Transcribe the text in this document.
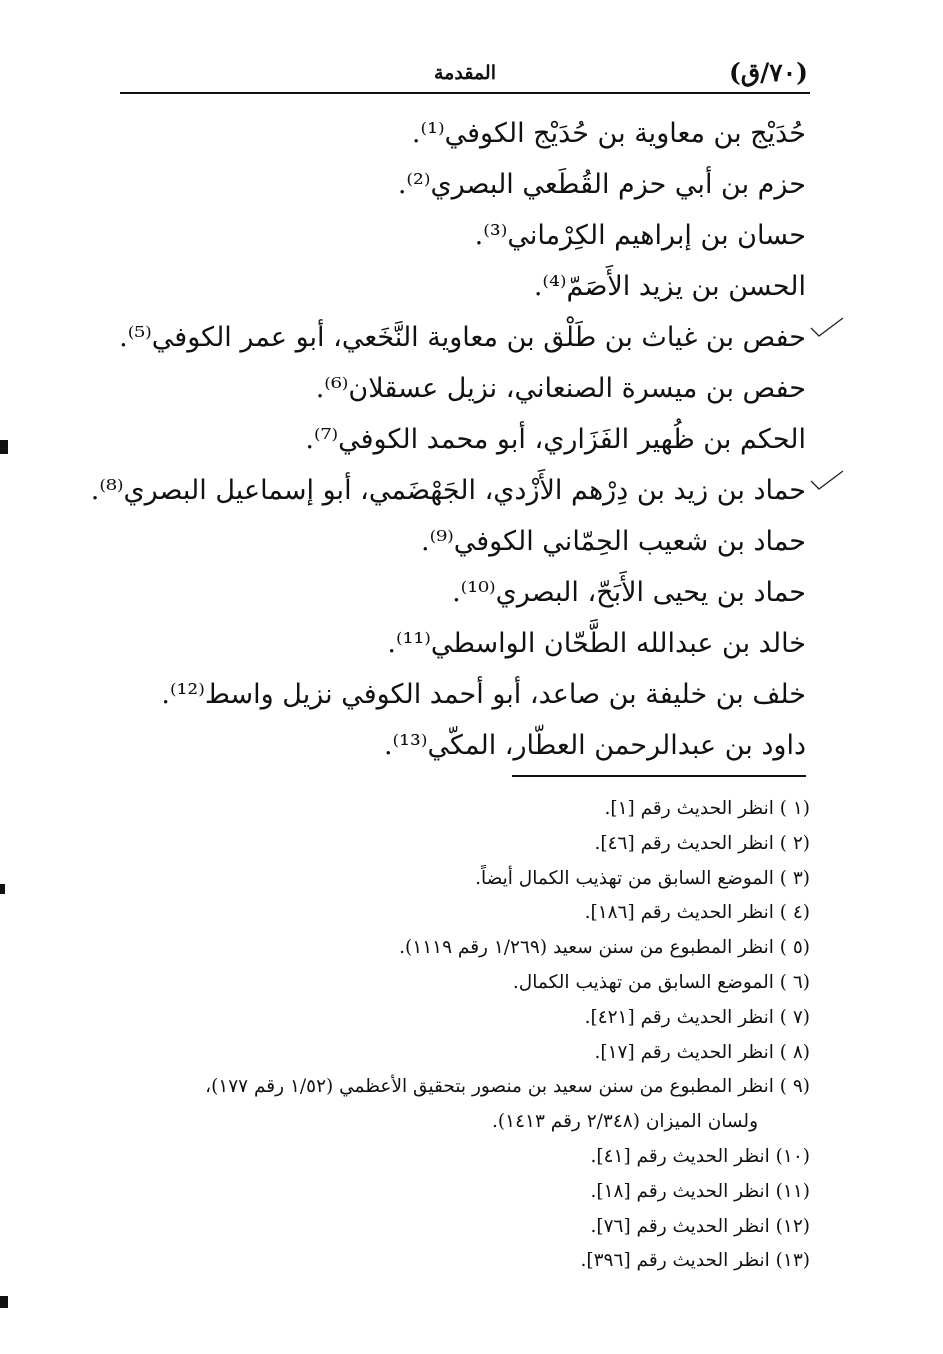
(٧٠/ق)
المقدمة
حُدَيْج بن معاوية بن حُدَيْج الكوفي⁽¹⁾.
حزم بن أبي حزم القُطَعي البصري⁽²⁾.
حسان بن إبراهيم الكِرْماني⁽³⁾.
الحسن بن يزيد الأَصَمّ⁽⁴⁾.
حفص بن غياث بن طَلْق بن معاوية النَّخَعي، أبو عمر الكوفي⁽⁵⁾.
حفص بن ميسرة الصنعاني، نزيل عسقلان⁽⁶⁾.
الحكم بن ظُهير الفَزَاري، أبو محمد الكوفي⁽⁷⁾.
حماد بن زيد بن دِرْهم الأَزْدي، الجَهْضَمي، أبو إسماعيل البصري⁽⁸⁾.
حماد بن شعيب الحِمّاني الكوفي⁽⁹⁾.
حماد بن يحيى الأَبَحّ، البصري⁽¹⁰⁾.
خالد بن عبدالله الطَّحّان الواسطي⁽¹¹⁾.
خلف بن خليفة بن صاعد، أبو أحمد الكوفي نزيل واسط⁽¹²⁾.
داود بن عبدالرحمن العطّار، المكّي⁽¹³⁾.
(١ ) انظر الحديث رقم [١].
(٢ ) انظر الحديث رقم [٤٦].
(٣ ) الموضع السابق من تهذيب الكمال أيضاً.
(٤ ) انظر الحديث رقم [١٨٦].
(٥ ) انظر المطبوع من سنن سعيد (١/٢٦٩ رقم ١١١٩).
(٦ ) الموضع السابق من تهذيب الكمال.
(٧ ) انظر الحديث رقم [٤٢١].
(٨ ) انظر الحديث رقم [١٧].
(٩ ) انظر المطبوع من سنن سعيد بن منصور بتحقيق الأعظمي (١/٥٢ رقم ١٧٧)،
ولسان الميزان (٢/٣٤٨ رقم ١٤١٣).
(١٠) انظر الحديث رقم [٤١].
(١١) انظر الحديث رقم [١٨].
(١٢) انظر الحديث رقم [٧٦].
(١٣) انظر الحديث رقم [٣٩٦].
